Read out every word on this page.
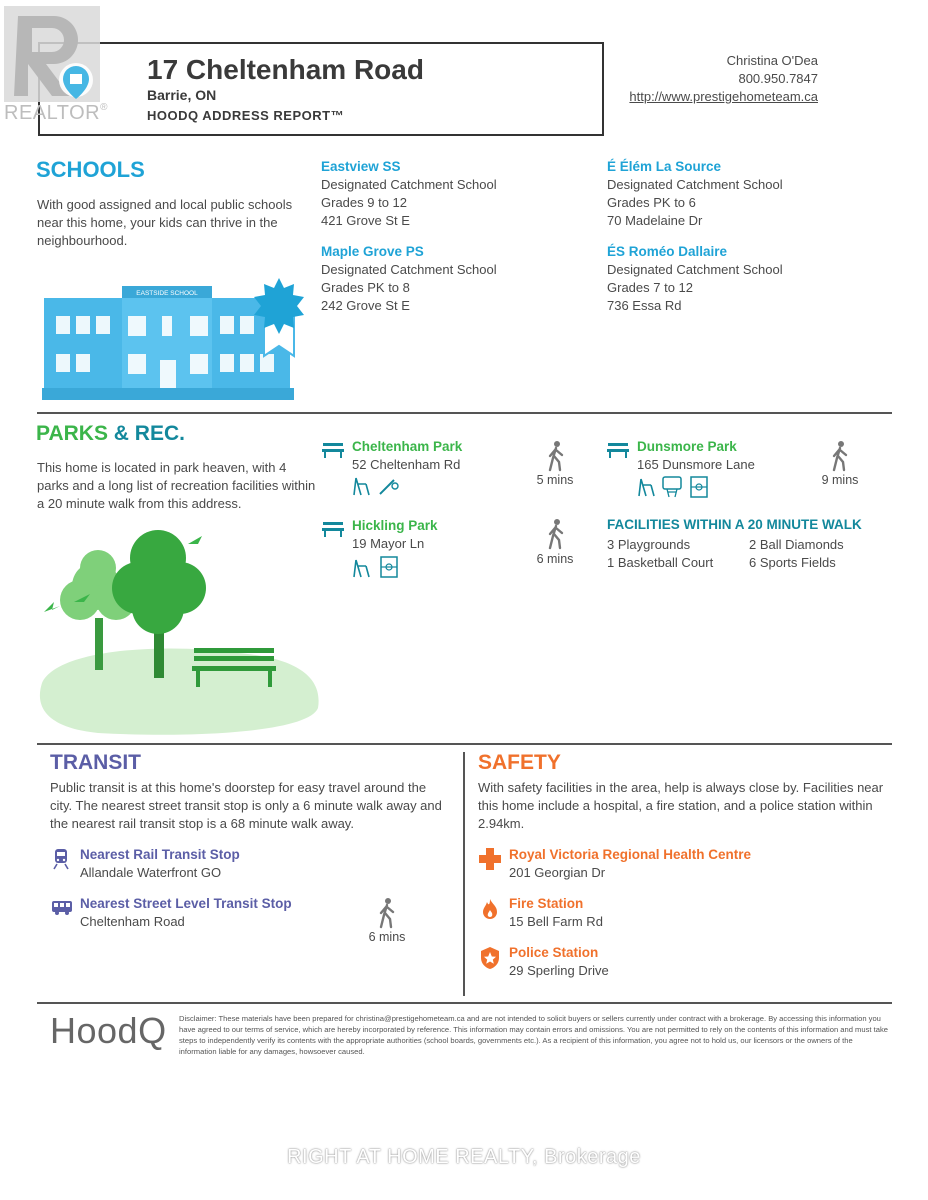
REALTOR®
17 Cheltenham Road
Barrie, ON
HOODQ ADDRESS REPORT™
Christina O'Dea
800.950.7847
http://www.prestigehometeam.ca
SCHOOLS
With good assigned and local public schools near this home, your kids can thrive in the neighbourhood.
EASTSIDE SCHOOL
Eastview SS
Designated Catchment School
Grades 9 to 12
421 Grove St E
Maple Grove PS
Designated Catchment School
Grades PK to 8
242 Grove St E
É Élém La Source
Designated Catchment School
Grades PK to 6
70 Madelaine Dr
ÉS Roméo Dallaire
Designated Catchment School
Grades 7 to 12
736 Essa Rd
PARKS & REC.
This home is located in park heaven, with 4 parks and a long list of recreation facilities within a 20 minute walk from this address.
Cheltenham Park
52 Cheltenham Rd

5 mins
Hickling Park
19 Mayor Ln

6 mins
Dunsmore Park
165 Dunsmore Lane

9 mins
FACILITIES WITHIN A 20 MINUTE WALK
3 Playgrounds
1 Basketball Court
2 Ball Diamonds
6 Sports Fields
TRANSIT
Public transit is at this home's doorstep for easy travel around the city. The nearest street transit stop is only a 6 minute walk away and the nearest rail transit stop is a 68 minute walk away.
Nearest Rail Transit Stop
Allandale Waterfront GO
Nearest Street Level Transit Stop
Cheltenham Road
6 mins
SAFETY
With safety facilities in the area, help is always close by. Facilities near this home include a hospital, a fire station, and a police station within 2.94km.
Royal Victoria Regional Health Centre
201 Georgian Dr
Fire Station
15 Bell Farm Rd
Police Station
29 Sperling Drive
HoodQ Disclaimer: These materials have been prepared for christina@prestigehometeam.ca and are not intended to solicit buyers or sellers currently under contract with a brokerage. By accessing this information you have agreed to our terms of service, which are hereby incorporated by reference. This information may contain errors and omissions. You are not permitted to rely on the contents of this information and must take steps to independently verify its contents with the appropriate authorities (school boards, governments etc.). As a recipient of this information, you agree not to hold us, our licensors or the owners of the information liable for any damages, howsoever caused.
RIGHT AT HOME REALTY, Brokerage
